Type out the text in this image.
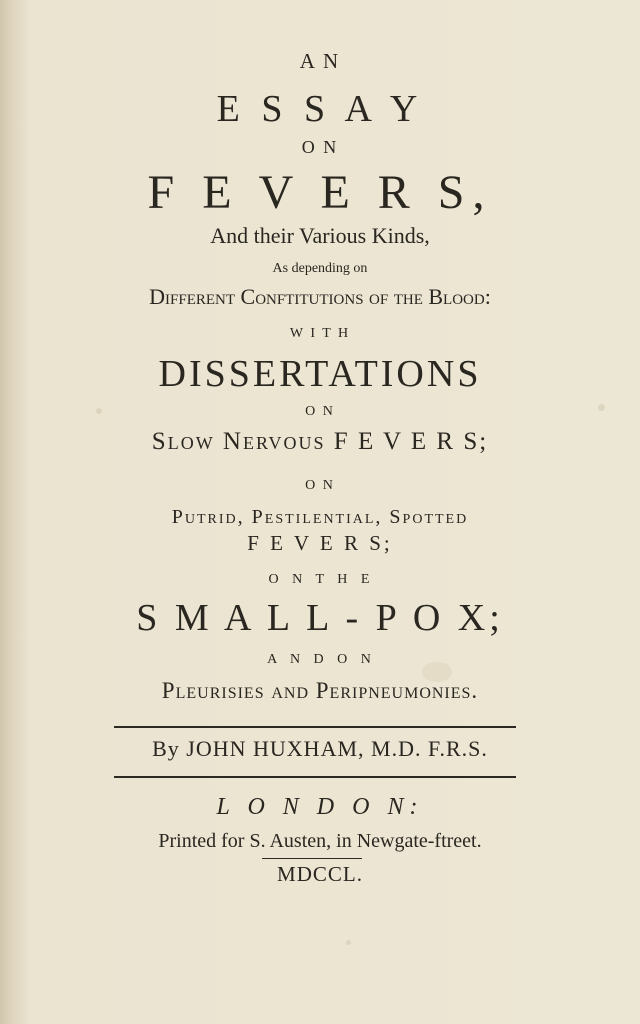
A N
E S S A Y
O N
F E V E R S,
And their Various Kinds,
As depending on
Different Conftitutions of the Blood:
W I T H
DISSERTATIONS
O N
Slow Nervous F E V E R S;
O N
Putrid, Pestilential, Spotted
F E V E R S;
O N T H E
S M A L L - P O X;
A N D O N
Pleurisies and Peripneumonies.
By JOHN HUXHAM, M.D. F.R.S.
L O N D O N:
Printed for S. Austen, in Newgate-ftreet.
MDCCL.
